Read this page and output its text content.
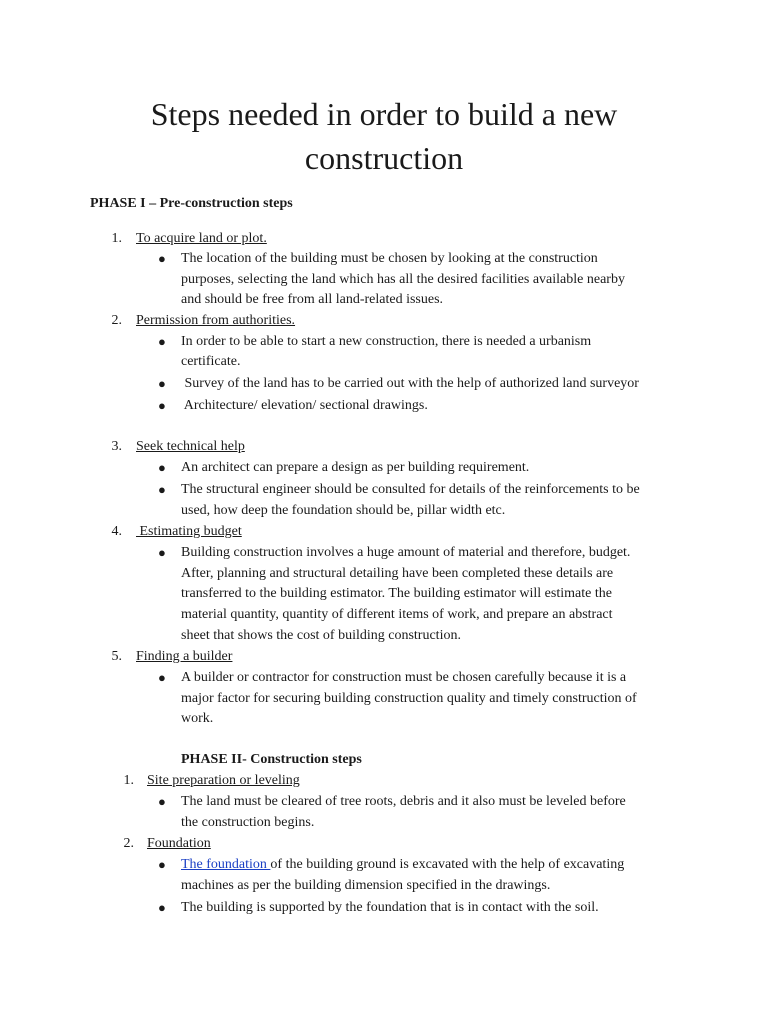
Steps needed in order to build a new
construction
PHASE I – Pre-construction steps
1. To acquire land or plot.
● The location of the building must be chosen by looking at the construction
purposes, selecting the land which has all the desired facilities available nearby
and should be free from all land-related issues.
2. Permission from authorities.
● In order to be able to start a new construction, there is needed a urbanism
certificate.
● Survey of the land has to be carried out with the help of authorized land surveyor
● Architecture/ elevation/ sectional drawings.
3. Seek technical help
● An architect can prepare a design as per building requirement.
● The structural engineer should be consulted for details of the reinforcements to be
used, how deep the foundation should be, pillar width etc.
4. Estimating budget
● Building construction involves a huge amount of material and therefore, budget.
After, planning and structural detailing have been completed these details are
transferred to the building estimator. The building estimator will estimate the
material quantity, quantity of different items of work, and prepare an abstract
sheet that shows the cost of building construction.
5. Finding a builder
● A builder or contractor for construction must be chosen carefully because it is a
major factor for securing building construction quality and timely construction of
work.
PHASE II- Construction steps
1. Site preparation or leveling
● The land must be cleared of tree roots, debris and it also must be leveled before
the construction begins.
2. Foundation
● The foundation of the building ground is excavated with the help of excavating
machines as per the building dimension specified in the drawings.
● The building is supported by the foundation that is in contact with the soil.
